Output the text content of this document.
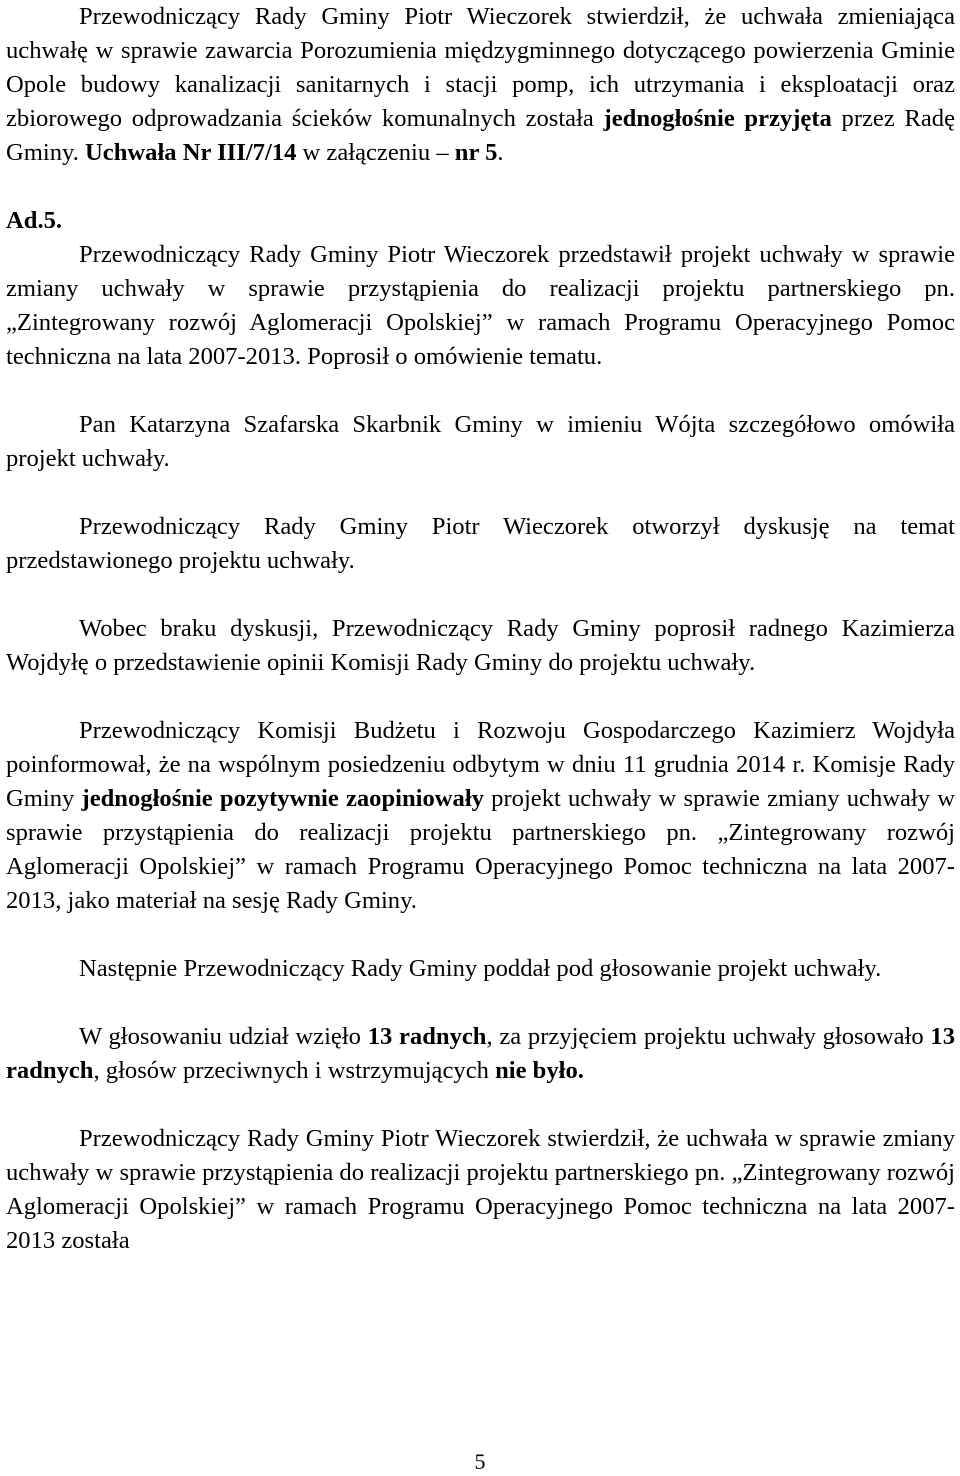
Przewodniczący Rady Gminy Piotr Wieczorek stwierdził, że uchwała zmieniająca uchwałę w sprawie zawarcia Porozumienia międzygminnego dotyczącego powierzenia Gminie Opole budowy kanalizacji sanitarnych i stacji pomp, ich utrzymania i eksploatacji oraz zbiorowego odprowadzania ścieków komunalnych została jednogłośnie przyjęta przez Radę Gminy. Uchwała Nr III/7/14 w załączeniu – nr 5.

Ad.5.

Przewodniczący Rady Gminy Piotr Wieczorek przedstawił projekt uchwały w sprawie zmiany uchwały w sprawie przystąpienia do realizacji projektu partnerskiego pn. „Zintegrowany rozwój Aglomeracji Opolskiej” w ramach Programu Operacyjnego Pomoc techniczna na lata 2007-2013. Poprosił o omówienie tematu.

Pan Katarzyna Szafarska Skarbnik Gminy w imieniu Wójta szczegółowo omówiła projekt uchwały.

Przewodniczący Rady Gminy Piotr Wieczorek otworzył dyskusję na temat przedstawionego projektu uchwały.

Wobec braku dyskusji, Przewodniczący Rady Gminy poprosił radnego Kazimierza Wojdyłę o przedstawienie opinii Komisji Rady Gminy do projektu uchwały.

Przewodniczący Komisji Budżetu i Rozwoju Gospodarczego Kazimierz Wojdyła poinformował, że na wspólnym posiedzeniu odbytym w dniu 11 grudnia 2014 r. Komisje Rady Gminy jednogłośnie pozytywnie zaopiniowały projekt uchwały w sprawie zmiany uchwały w sprawie przystąpienia do realizacji projektu partnerskiego pn. „Zintegrowany rozwój Aglomeracji Opolskiej” w ramach Programu Operacyjnego Pomoc techniczna na lata 2007-2013, jako materiał na sesję Rady Gminy.

Następnie Przewodniczący Rady Gminy poddał pod głosowanie projekt uchwały.

W głosowaniu udział wzięło 13 radnych, za przyjęciem projektu uchwały głosowało 13 radnych, głosów przeciwnych i wstrzymujących nie było.

Przewodniczący Rady Gminy Piotr Wieczorek stwierdził, że uchwała w sprawie zmiany uchwały w sprawie przystąpienia do realizacji projektu partnerskiego pn. „Zintegrowany rozwój Aglomeracji Opolskiej” w ramach Programu Operacyjnego Pomoc techniczna na lata 2007-2013 została

5
